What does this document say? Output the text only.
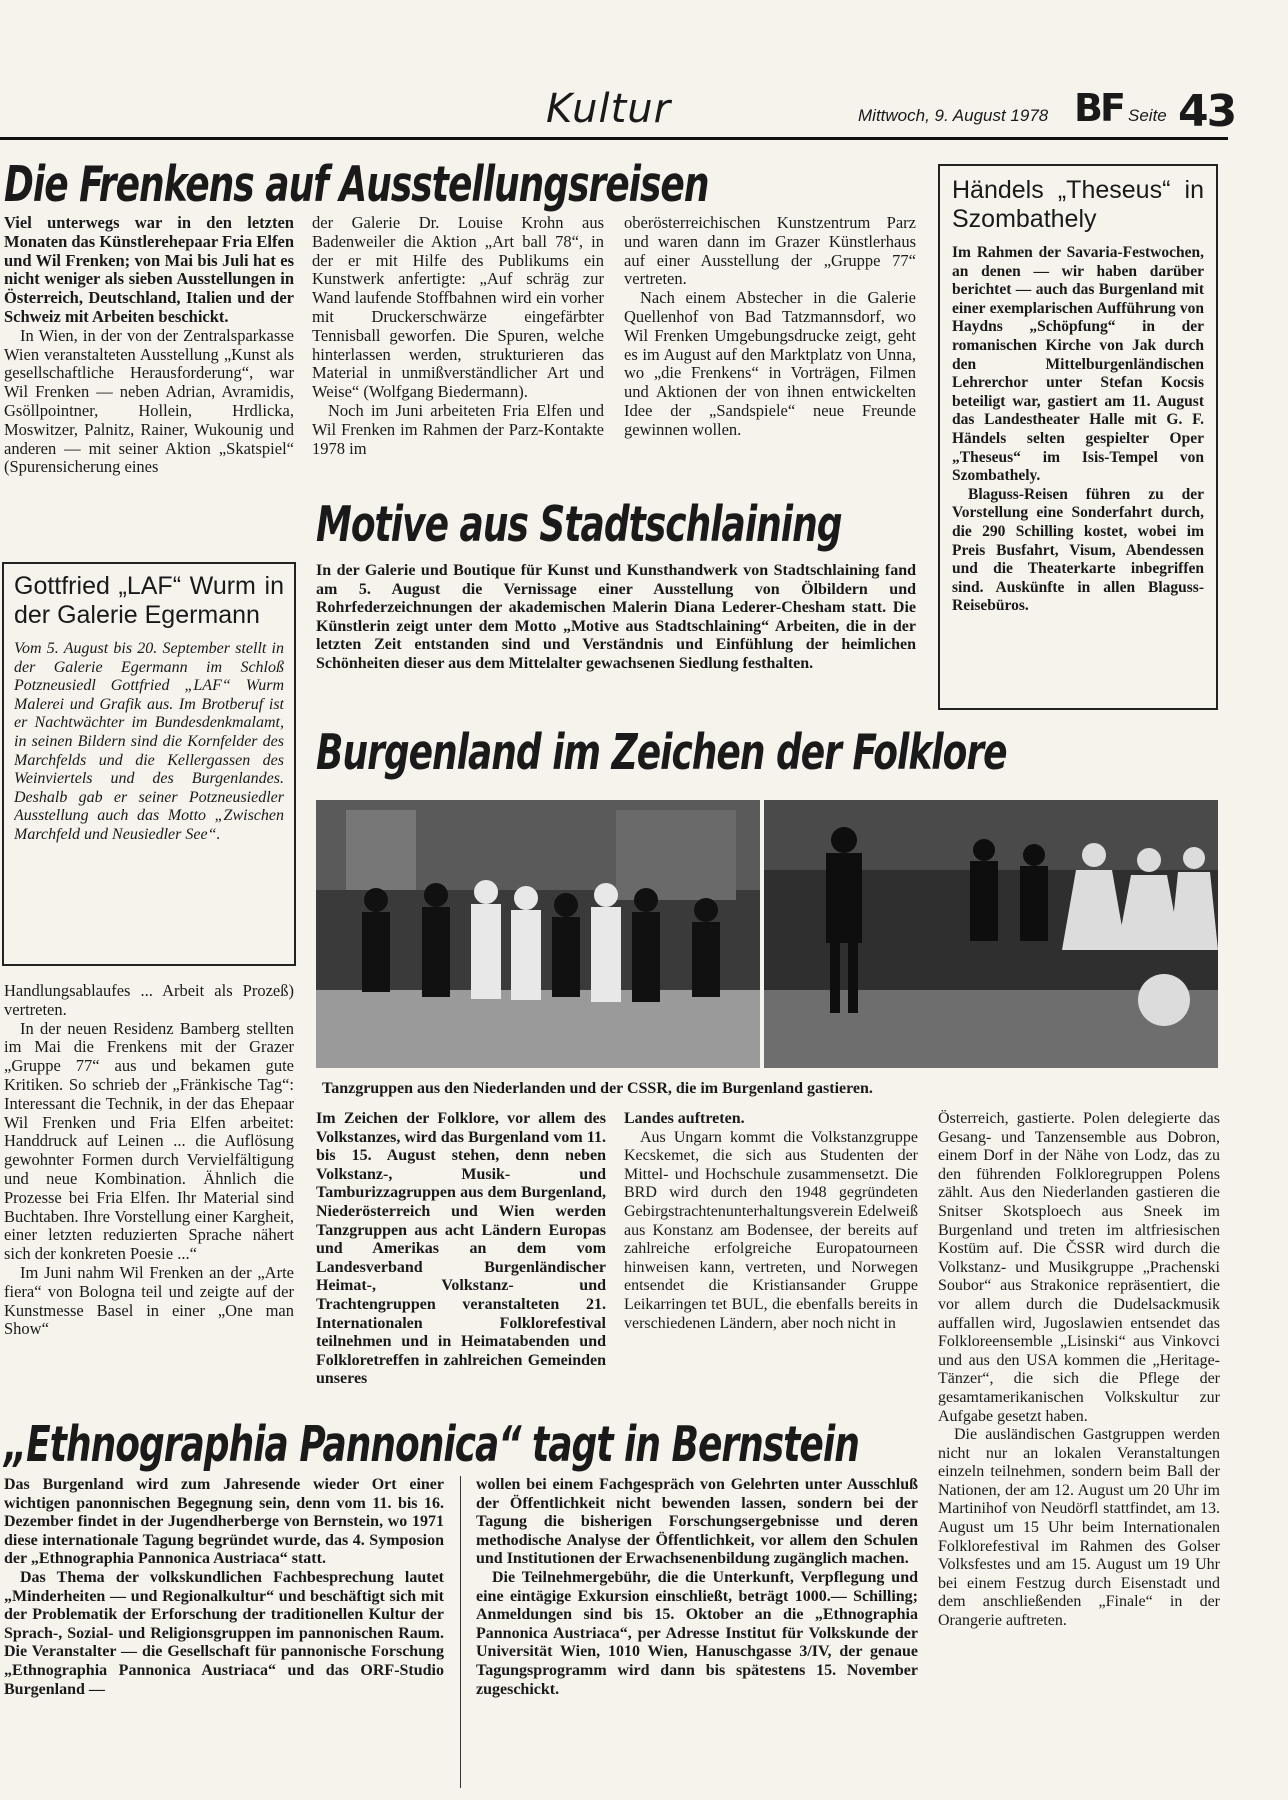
Kultur	Mittwoch, 9. August 1978 BF Seite 43
Die Frenkens auf Ausstellungsreisen

Viel unterwegs war in den letzten Monaten das Künstlerehepaar Fria Elfen und Wil Frenken; von Mai bis Juli hat es nicht weniger als sieben Ausstellungen in Österreich, Deutschland, Italien und der Schweiz mit Arbeiten beschickt.

In Wien, in der von der Zentralsparkasse Wien veranstalteten Ausstellung „Kunst als gesellschaftliche Herausforderung“, war Wil Frenken — neben Adrian, Avramidis, Gsöllpointner, Hollein, Hrdlicka, Moswitzer, Palnitz, Rainer, Wukounig und anderen — mit seiner Aktion „Skatspiel“ (Spurensicherung eines

der Galerie Dr. Louise Krohn aus Badenweiler die Aktion „Art ball 78“, in der er mit Hilfe des Publikums ein Kunstwerk anfertigte: „Auf schräg zur Wand laufende Stoffbahnen wird ein vorher mit Druckerschwärze eingefärbter Tennisball geworfen. Die Spuren, welche hinterlassen werden, strukturieren das Material in unmißverständlicher Art und Weise“ (Wolfgang Biedermann).

Noch im Juni arbeiteten Fria Elfen und Wil Frenken im Rahmen der Parz-Kontakte 1978 im

oberösterreichischen Kunstzentrum Parz und waren dann im Grazer Künstlerhaus auf einer Ausstellung der „Gruppe 77“ vertreten.

Nach einem Abstecher in die Galerie Quellenhof von Bad Tatzmannsdorf, wo Wil Frenken Umgebungsdrucke zeigt, geht es im August auf den Marktplatz von Unna, wo „die Frenkens“ in Vorträgen, Filmen und Aktionen der von ihnen entwickelten Idee der „Sandspiele“ neue Freunde gewinnen wollen.

Händels „Theseus“ in Szombathely

Im Rahmen der Savaria-Festwochen, an denen — wir haben darüber berichtet — auch das Burgenland mit einer exemplarischen Aufführung von Haydns „Schöpfung“ in der romanischen Kirche von Jak durch den Mittelburgenländischen Lehrerchor unter Stefan Kocsis beteiligt war, gastiert am 11. August das Landestheater Halle mit G. F. Händels selten gespielter Oper „Theseus“ im Isis-Tempel von Szombathely.

Blaguss-Reisen führen zu der Vorstellung eine Sonderfahrt durch, die 290 Schilling kostet, wobei im Preis Busfahrt, Visum, Abendessen und die Theaterkarte inbegriffen sind. Auskünfte in allen Blaguss-Reisebüros.

Gottfried „LAF“ Wurm in der Galerie Egermann

Vom 5. August bis 20. September stellt in der Galerie Egermann im Schloß Potzneusiedl Gottfried „LAF“ Wurm Malerei und Grafik aus. Im Brotberuf ist er Nachtwächter im Bundesdenkmalamt, in seinen Bildern sind die Kornfelder des Marchfelds und die Kellergassen des Weinviertels und des Burgenlandes. Deshalb gab er seiner Potzneusiedler Ausstellung auch das Motto „Zwischen Marchfeld und Neusiedler See“.

Motive aus Stadtschlaining
In der Galerie und Boutique für Kunst und Kunsthandwerk von Stadtschlaining fand am 5. August die Vernissage einer Ausstellung von Ölbildern und Rohrfederzeichnungen der akademischen Malerin Diana Lederer-Chesham statt. Die Künstlerin zeigt unter dem Motto „Motive aus Stadtschlaining“ Arbeiten, die in der letzten Zeit entstanden sind und Verständnis und Einfühlung der heimlichen Schönheiten dieser aus dem Mittelalter gewachsenen Siedlung festhalten.
Burgenland im Zeichen der Folklore
Tanzgruppen aus den Niederlanden und der CSSR, die im Burgenland gastieren.

Handlungsablaufes ... Arbeit als Prozeß) vertreten.

In der neuen Residenz Bamberg stellten im Mai die Frenkens mit der Grazer „Gruppe 77“ aus und bekamen gute Kritiken. So schrieb der „Fränkische Tag“: Interessant die Technik, in der das Ehepaar Wil Frenken und Fria Elfen arbeitet: Handdruck auf Leinen ... die Auflösung gewohnter Formen durch Vervielfältigung und neue Kombination. Ähnlich die Prozesse bei Fria Elfen. Ihr Material sind Buchtaben. Ihre Vorstellung einer Kargheit, einer letzten reduzierten Sprache nähert sich der konkreten Poesie ...“

Im Juni nahm Wil Frenken an der „Arte fiera“ von Bologna teil und zeigte auf der Kunstmesse Basel in einer „One man Show“

Im Zeichen der Folklore, vor allem des Volkstanzes, wird das Burgenland vom 11. bis 15. August stehen, denn neben Volkstanz-, Musik- und Tamburizzagruppen aus dem Burgenland, Niederösterreich und Wien werden Tanzgruppen aus acht Ländern Europas und Amerikas an dem vom Landesverband Burgenländischer Heimat-, Volkstanz- und Trachtengruppen veranstalteten 21. Internationalen Folklorefestival teilnehmen und in Heimatabenden und Folkloretreffen in zahlreichen Gemeinden unseres

Landes auftreten.

Aus Ungarn kommt die Volkstanzgruppe Kecskemet, die sich aus Studenten der Mittel- und Hochschule zusammensetzt. Die BRD wird durch den 1948 gegründeten Gebirgstrachtenunterhaltungsverein Edelweiß aus Konstanz am Bodensee, der bereits auf zahlreiche erfolgreiche Europatourneen hinweisen kann, vertreten, und Norwegen entsendet die Kristiansander Gruppe Leikarringen tet BUL, die ebenfalls bereits in verschiedenen Ländern, aber noch nicht in

Österreich, gastierte. Polen delegierte das Gesang- und Tanzensemble aus Dobron, einem Dorf in der Nähe von Lodz, das zu den führenden Folkloregruppen Polens zählt. Aus den Niederlanden gastieren die Snitser Skotsploech aus Sneek im Burgenland und treten im altfriesischen Kostüm auf. Die ČSSR wird durch die Volkstanz- und Musikgruppe „Prachenski Soubor“ aus Strakonice repräsentiert, die vor allem durch die Dudelsackmusik auffallen wird, Jugoslawien entsendet das Folkloreensemble „Lisinski“ aus Vinkovci und aus den USA kommen die „Heritage-Tänzer“, die sich die Pflege der gesamtamerikanischen Volkskultur zur Aufgabe gesetzt haben.

Die ausländischen Gastgruppen werden nicht nur an lokalen Veranstaltungen einzeln teilnehmen, sondern beim Ball der Nationen, der am 12. August um 20 Uhr im Martinihof von Neudörfl stattfindet, am 13. August um 15 Uhr beim Internationalen Folklorefestival im Rahmen des Golser Volksfestes und am 15. August um 19 Uhr bei einem Festzug durch Eisenstadt und dem anschließenden „Finale“ in der Orangerie auftreten.

„Ethnographia Pannonica“ tagt in Bernstein

Das Burgenland wird zum Jahresende wieder Ort einer wichtigen panonnischen Begegnung sein, denn vom 11. bis 16. Dezember findet in der Jugendherberge von Bernstein, wo 1971 diese internationale Tagung begründet wurde, das 4. Symposion der „Ethnographia Pannonica Austriaca“ statt.

Das Thema der volkskundlichen Fachbesprechung lautet „Minderheiten — und Regionalkultur“ und beschäftigt sich mit der Problematik der Erforschung der traditionellen Kultur der Sprach-, Sozial- und Religionsgruppen im pannonischen Raum. Die Veranstalter — die Gesellschaft für pannonische Forschung „Ethnographia Pannonica Austriaca“ und das ORF-Studio Burgenland —

wollen bei einem Fachgespräch von Gelehrten unter Ausschluß der Öffentlichkeit nicht bewenden lassen, sondern bei der Tagung die bisherigen Forschungsergebnisse und deren methodische Analyse der Öffentlichkeit, vor allem den Schulen und Institutionen der Erwachsenenbildung zugänglich machen.

Die Teilnehmergebühr, die die Unterkunft, Verpflegung und eine eintägige Exkursion einschließt, beträgt 1000.— Schilling; Anmeldungen sind bis 15. Oktober an die „Ethnographia Pannonica Austriaca“, per Adresse Institut für Volkskunde der Universität Wien, 1010 Wien, Hanuschgasse 3/IV, der genaue Tagungsprogramm wird dann bis spätestens 15. November zugeschickt.
